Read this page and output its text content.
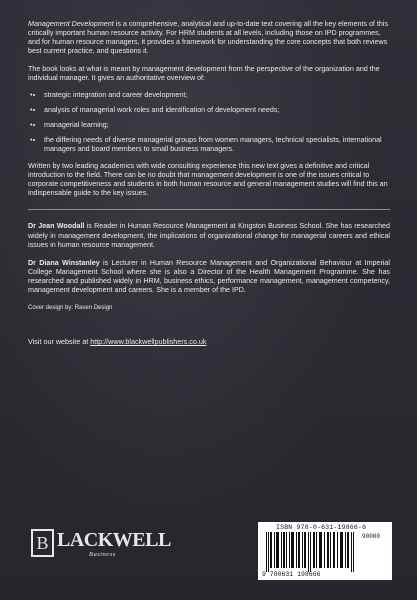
Management Development is a comprehensive, analytical and up-to-date text covering all the key elements of this critically important human resource activity. For HRM students at all levels, including those on IPD programmes, and for human resource managers, it provides a framework for understanding the core concepts that both reviews best current practice, and questions it.

The book looks at what is meant by management development from the perspective of the organization and the individual manager. It gives an authoritative overview of:

• • strategic integration and career development;
• • analysis of managerial work roles and identification of development needs;
• • managerial learning;
• • the differing needs of diverse managerial groups from women managers, technical specialists, international managers and board members to small business managers.

Written by two leading academics with wide consulting experience this new text gives a definitive and critical introduction to the field. There can be no doubt that management development is one of the issues critical to corporate competitiveness and students in both human resource and general management studies will find this an indispensable guide to the key issues.

Dr Jean Woodall is Reader in Human Resource Management at Kingston Business School. She has researched widely in management development, the implications of organizational change for managerial careers and ethical issues in human resource management.

Dr Diana Winstanley is Lecturer in Human Resource Management and Organizational Behaviour at Imperial College Management School where she is also a Director of the Health Management Programme. She has researched and published widely in HRM, business ethics, performance management, management competency, management development and careers. She is a member of the IPD.

Cover design by: Raven Design
Visit our website at http://www.blackwellpublishers.co.uk
B LACKWELL
Business
ISBN 978-0-631-19866-6
90000
9 780631 198666
